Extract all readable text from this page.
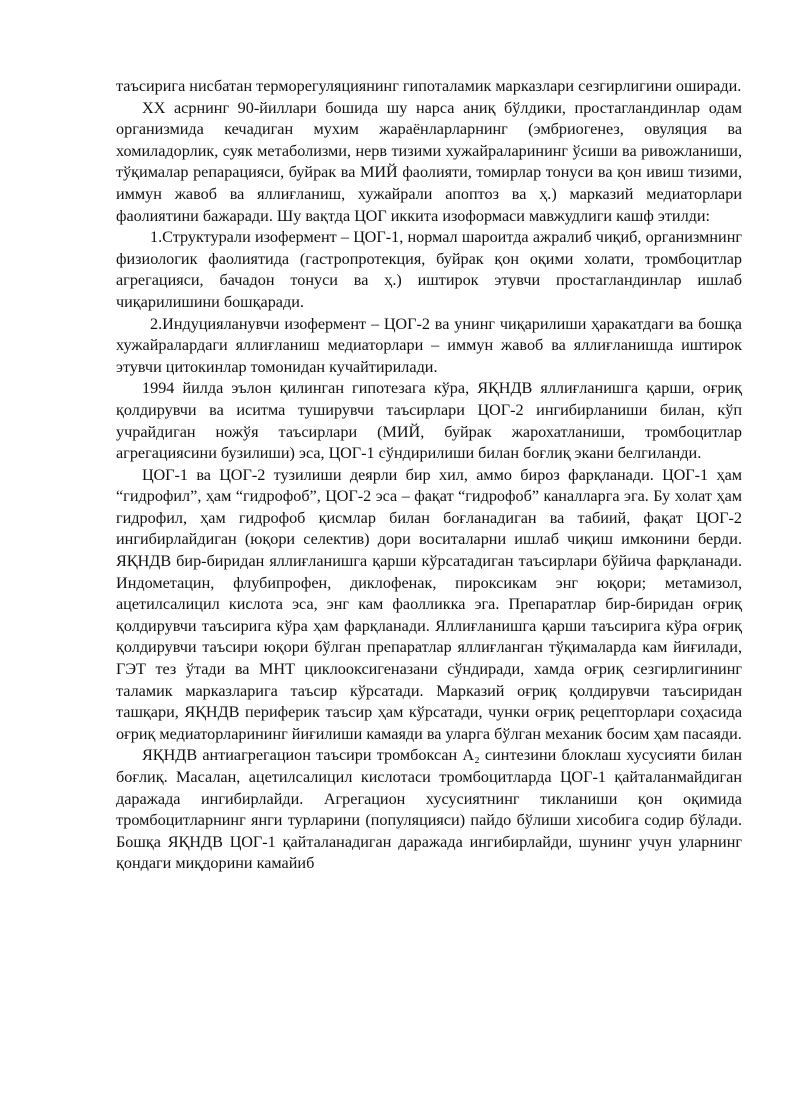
таъсирига нисбатан терморегуляциянинг гипоталамик марказлари сезгирлигини оширади.

ХХ асрнинг 90-йиллари бошида шу нарса аниқ бўлдики, простагландинлар одам организмида кечадиган мухим жараёнларларнинг (эмбриогенез, овуляция ва хомиладорлик, суяк метаболизми, нерв тизими хужайраларининг ўсиши ва ривожланиши, тўқималар репарацияси, буйрак ва МИЙ фаолияти, томирлар тонуси ва қон ивиш тизими, иммун жавоб ва яллиғланиш, хужайрали апоптоз ва ҳ.) марказий медиаторлари фаолиятини бажаради. Шу вақтда ЦОГ иккита изоформаси мавжудлиги кашф этилди:

1.Структурали изофермент – ЦОГ-1, нормал шароитда ажралиб чиқиб, организмнинг физиологик фаолиятида (гастропротекция, буйрак қон оқими холати, тромбоцитлар агрегацияси, бачадон тонуси ва ҳ.) иштирок этувчи простагландинлар ишлаб чиқарилишини бошқаради.

2.Индуцияланувчи изофермент – ЦОГ-2 ва унинг чиқарилиши ҳаракатдаги ва бошқа хужайралардаги яллиғланиш медиаторлари – иммун жавоб ва яллиғланишда иштирок этувчи цитокинлар томонидан кучайтирилади.

1994 йилда эълон қилинган гипотезага кўра, ЯҚНДВ яллиғланишга қарши, оғриқ қолдирувчи ва иситма туширувчи таъсирлари ЦОГ-2 ингибирланиши билан, кўп учрайдиган ножўя таъсирлари (МИЙ, буйрак жарохатланиши, тромбоцитлар агрегациясини бузилиши) эса, ЦОГ-1 сўндирилиши билан боғлиқ экани белгиланди.

ЦОГ-1 ва ЦОГ-2 тузилиши деярли бир хил, аммо бироз фарқланади. ЦОГ-1 ҳам “гидрофил”, ҳам “гидрофоб”, ЦОГ-2 эса – фақат “гидрофоб” каналларга эга. Бу холат ҳам гидрофил, ҳам гидрофоб қисмлар билан боғланадиган ва табиий, фақат ЦОГ-2 ингибирлайдиган (юқори селектив) дори воситаларни ишлаб чиқиш имконини берди. ЯҚНДВ бир-биридан яллиғланишга қарши кўрсатадиган таъсирлари бўйича фарқланади. Индометацин, флубипрофен, диклофенак, пироксикам энг юқори; метамизол, ацетилсалицил кислота эса, энг кам фаолликка эга. Препаратлар бир-биридан оғриқ қолдирувчи таъсирига кўра ҳам фарқланади. Яллиғланишга қарши таъсирига кўра оғриқ қолдирувчи таъсири юқори бўлган препаратлар яллиғланган тўқималарда кам йиғилади, ГЭТ тез ўтади ва МНТ циклооксигеназани сўндиради, хамда оғриқ сезгирлигининг таламик марказларига таъсир кўрсатади. Марказий оғриқ қолдирувчи таъсиридан ташқари, ЯҚНДВ периферик таъсир ҳам кўрсатади, чунки оғриқ рецепторлари соҳасида оғриқ медиаторларининг йиғилиши камаяди ва уларга бўлган механик босим ҳам пасаяди.

ЯҚНДВ антиагрегацион таъсири тромбоксан А₂ синтезини блоклаш хусусияти билан боғлиқ. Масалан, ацетилсалицил кислотаси тромбоцитларда ЦОГ-1 қайталанмайдиган даражада ингибирлайди. Агрегацион хусусиятнинг тикланиши қон оқимида тромбоцитларнинг янги турларини (популяцияси) пайдо бўлиши хисобига содир бўлади. Бошқа ЯҚНДВ ЦОГ-1 қайталанадиган даражада ингибирлайди, шунинг учун уларнинг қондаги миқдорини камайиб
